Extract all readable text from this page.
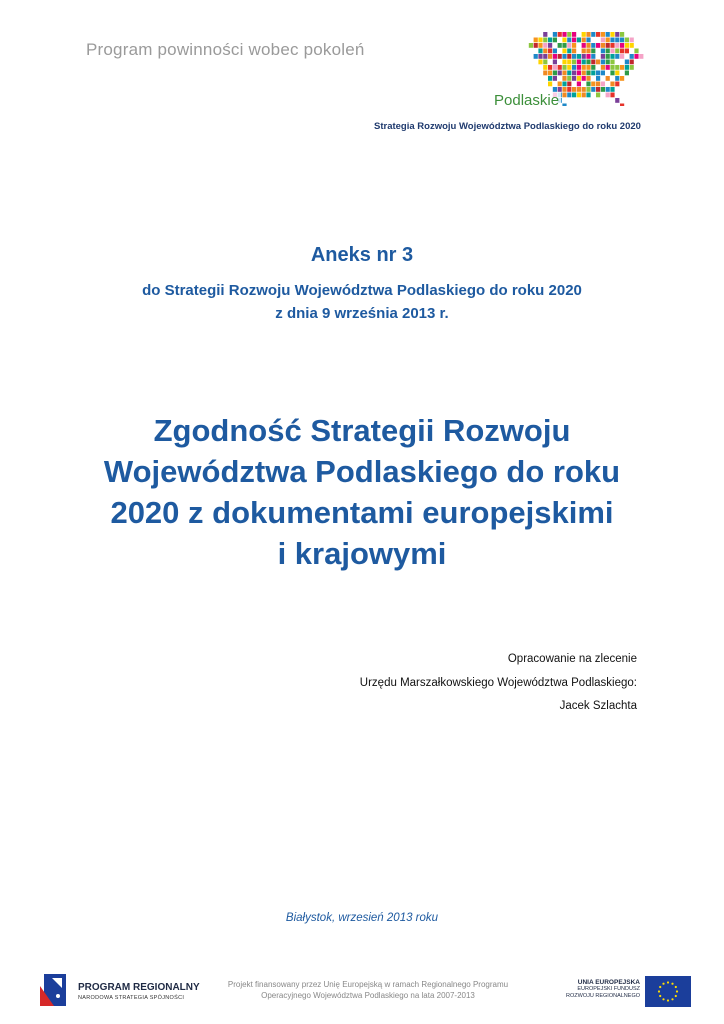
Program powinności wobec pokoleń
Podlaskie
Strategia Rozwoju Województwa Podlaskiego do roku 2020
Aneks nr 3
do Strategii Rozwoju Województwa Podlaskiego do roku 2020
z dnia 9 września 2013 r.
Zgodność Strategii Rozwoju
Województwa Podlaskiego do roku
2020 z dokumentami europejskimi
i krajowymi
Opracowanie na zlecenie
Urzędu Marszałkowskiego Województwa Podlaskiego:
Jacek Szlachta
Białystok, wrzesień 2013 roku
PROGRAM REGIONALNY
NARODOWA STRATEGIA SPÓJNOŚCI
Projekt finansowany przez Unię Europejską w ramach Regionalnego Programu
Operacyjnego Województwa Podlaskiego na lata 2007-2013
UNIA EUROPEJSKA
EUROPEJSKI FUNDUSZ
ROZWOJU REGIONALNEGO
